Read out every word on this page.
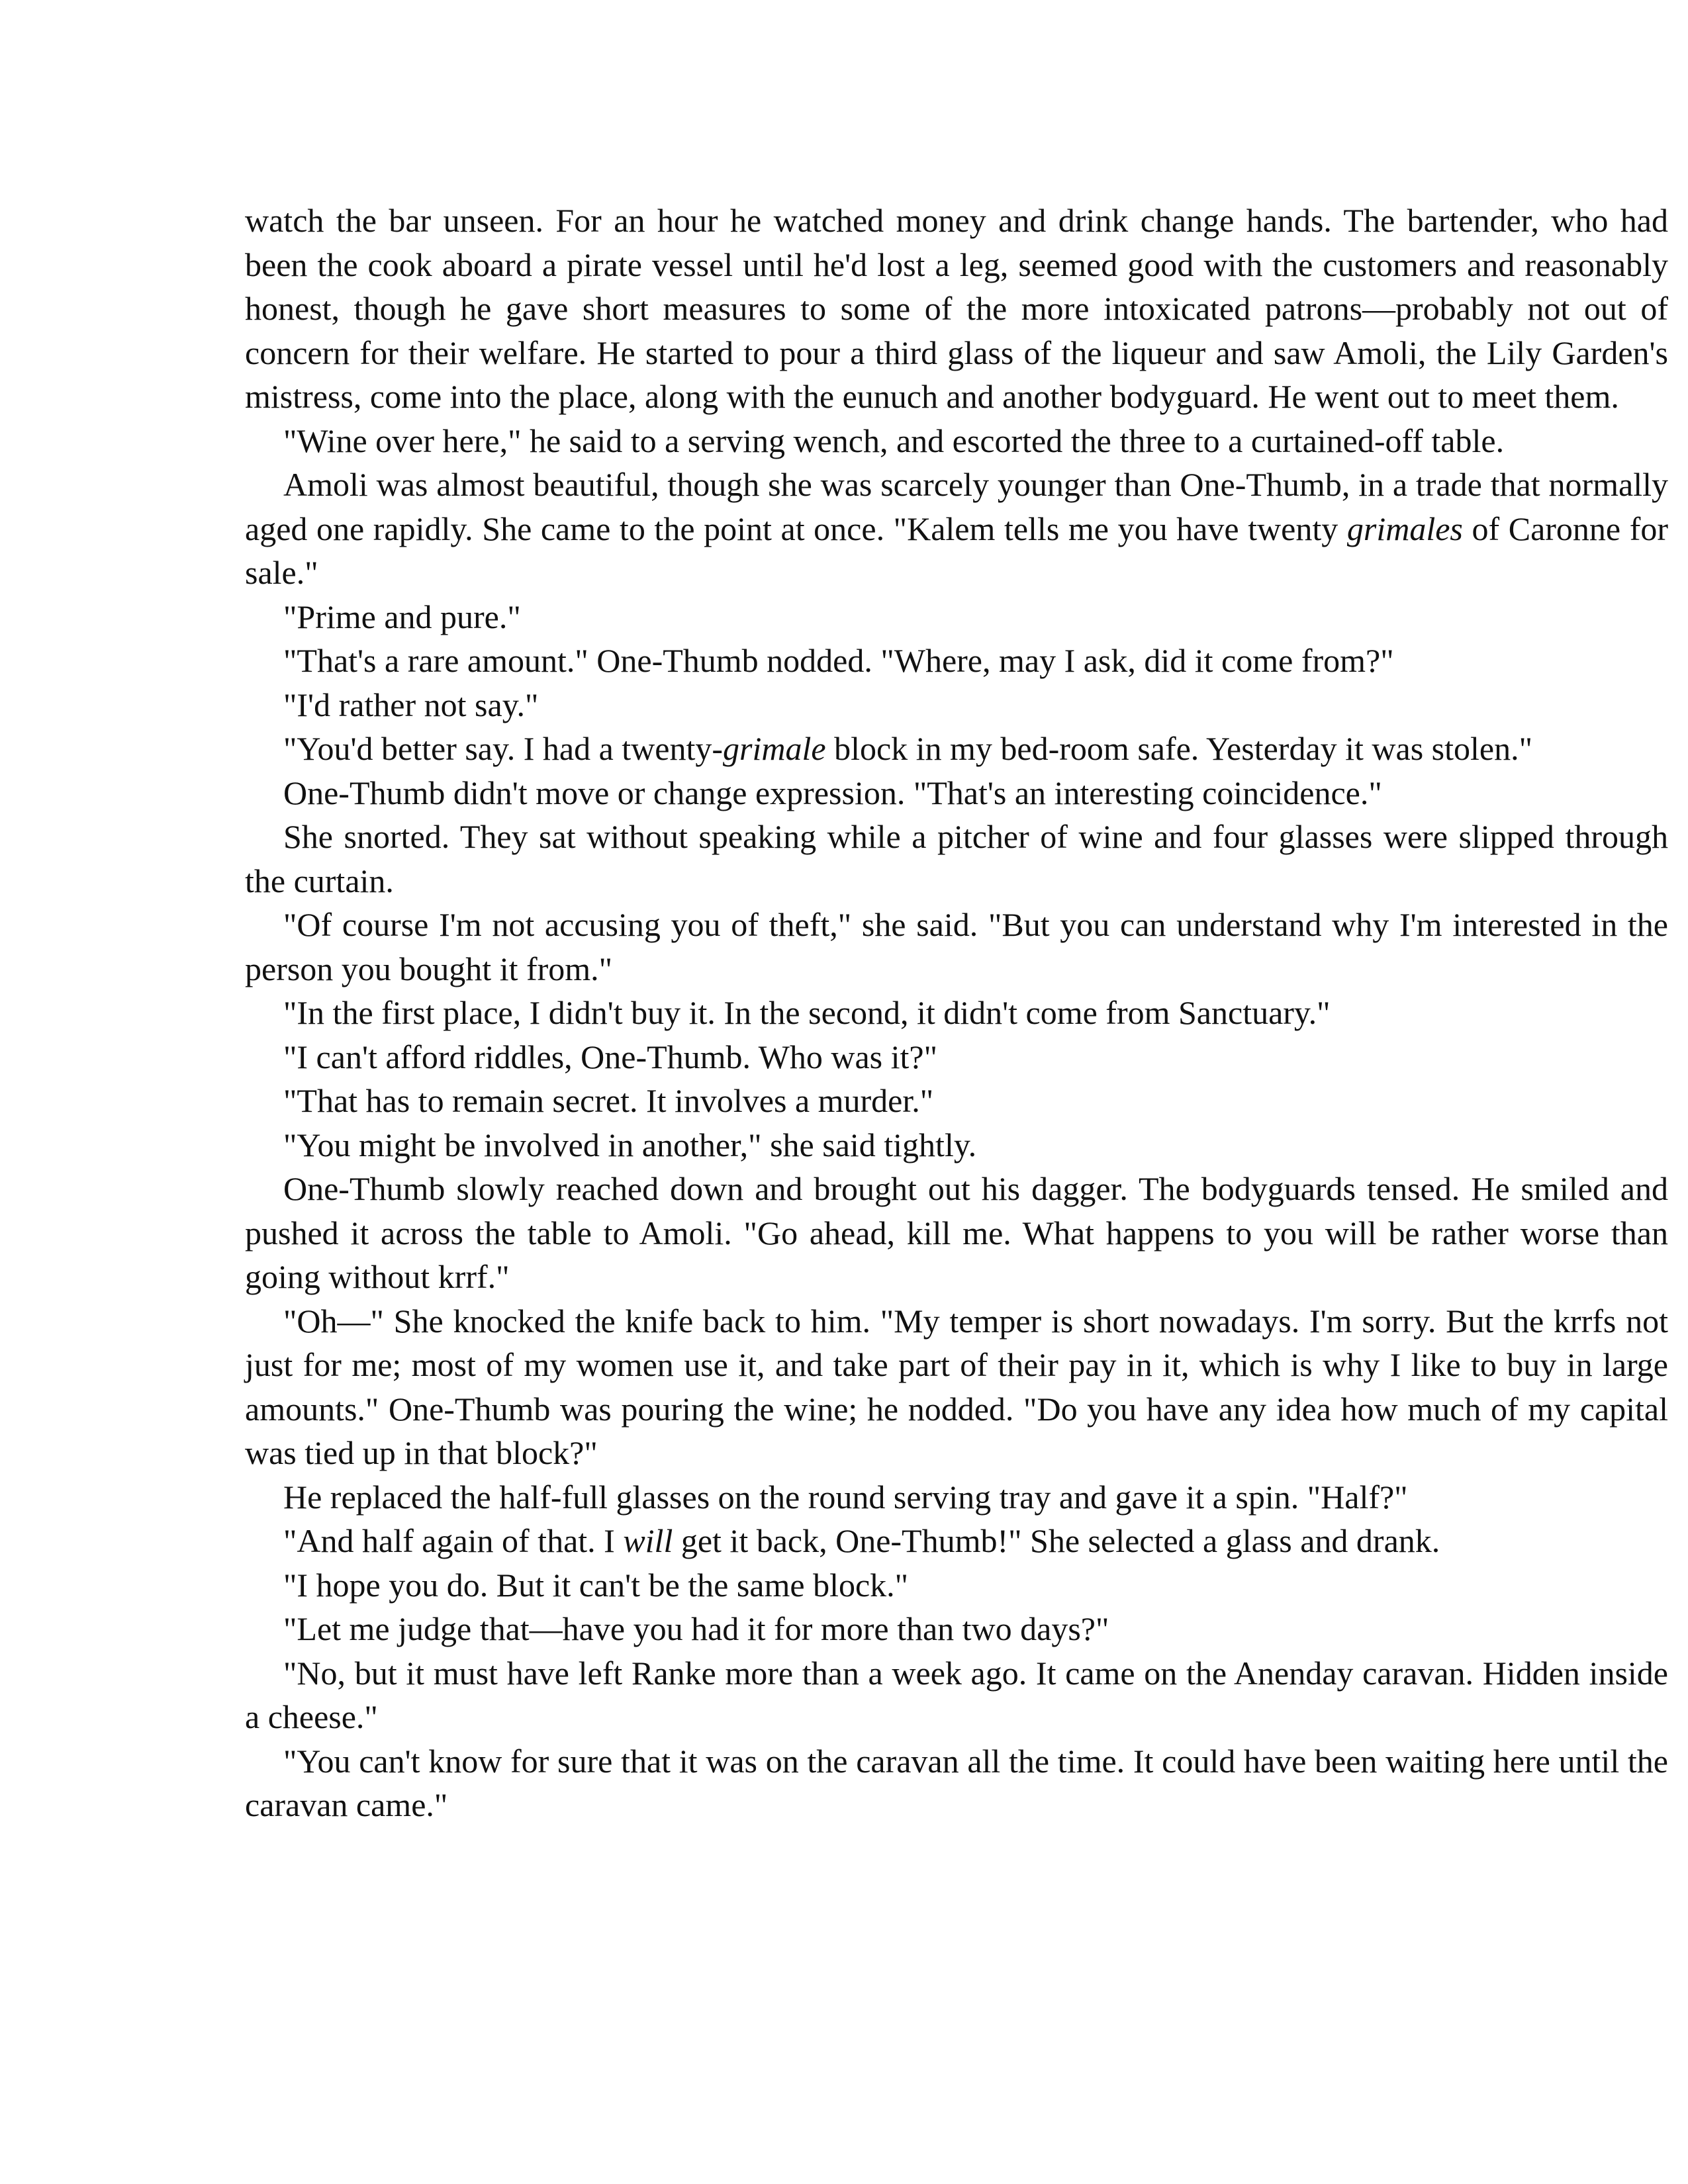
watch the bar unseen. For an hour he watched money and drink change hands. The bartender, who had been the cook aboard a pirate vessel until he'd lost a leg, seemed good with the customers and reasonably honest, though he gave short measures to some of the more intoxicated patrons—probably not out of concern for their welfare. He started to pour a third glass of the liqueur and saw Amoli, the Lily Garden's mistress, come into the place, along with the eunuch and another bodyguard. He went out to meet them.

"Wine over here," he said to a serving wench, and escorted the three to a curtained-off table.

Amoli was almost beautiful, though she was scarcely younger than One-Thumb, in a trade that normally aged one rapidly. She came to the point at once. "Kalem tells me you have twenty grimales of Caronne for sale."

"Prime and pure."

"That's a rare amount." One-Thumb nodded. "Where, may I ask, did it come from?"

"I'd rather not say."

"You'd better say. I had a twenty-grimale block in my bed-room safe. Yesterday it was stolen."

One-Thumb didn't move or change expression. "That's an interesting coincidence."

She snorted. They sat without speaking while a pitcher of wine and four glasses were slipped through the curtain.

"Of course I'm not accusing you of theft," she said. "But you can understand why I'm interested in the person you bought it from."

"In the first place, I didn't buy it. In the second, it didn't come from Sanctuary."

"I can't afford riddles, One-Thumb. Who was it?"

"That has to remain secret. It involves a murder."

"You might be involved in another," she said tightly.

One-Thumb slowly reached down and brought out his dagger. The bodyguards tensed. He smiled and pushed it across the table to Amoli. "Go ahead, kill me. What happens to you will be rather worse than going without krrf."

"Oh—" She knocked the knife back to him. "My temper is short nowadays. I'm sorry. But the krrfs not just for me; most of my women use it, and take part of their pay in it, which is why I like to buy in large amounts." One-Thumb was pouring the wine; he nodded. "Do you have any idea how much of my capital was tied up in that block?"

He replaced the half-full glasses on the round serving tray and gave it a spin. "Half?"

"And half again of that. I will get it back, One-Thumb!" She selected a glass and drank.

"I hope you do. But it can't be the same block."

"Let me judge that—have you had it for more than two days?"

"No, but it must have left Ranke more than a week ago. It came on the Anenday caravan. Hidden inside a cheese."

"You can't know for sure that it was on the caravan all the time. It could have been waiting here until the caravan came."
